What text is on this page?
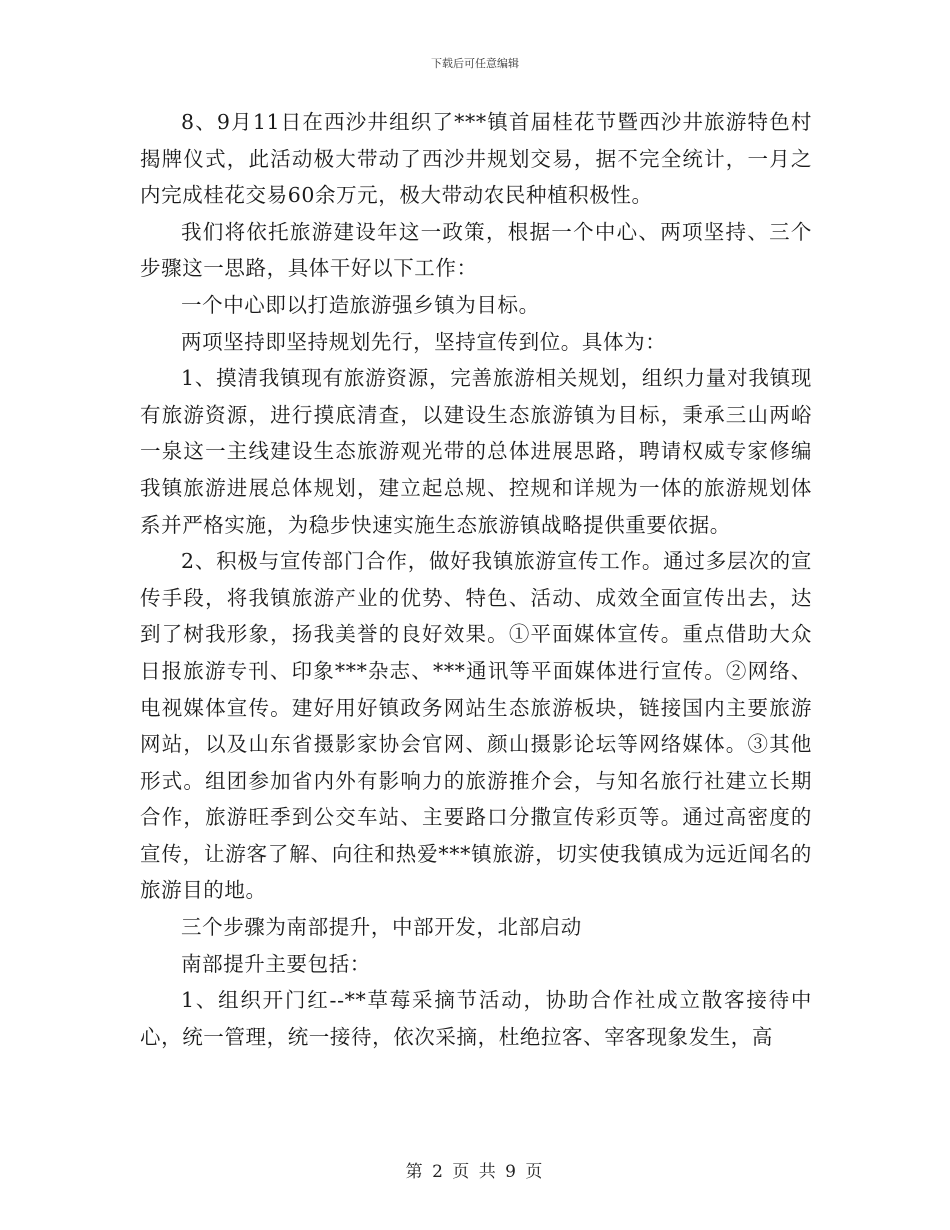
下载后可任意编辑

8、9月11日在西沙井组织了***镇首届桂花节暨西沙井旅游特色村揭牌仪式，此活动极大带动了西沙井规划交易，据不完全统计，一月之内完成桂花交易60余万元，极大带动农民种植积极性。

我们将依托旅游建设年这一政策，根据一个中心、两项坚持、三个步骤这一思路，具体干好以下工作：

一个中心即以打造旅游强乡镇为目标。

两项坚持即坚持规划先行，坚持宣传到位。具体为：

1、摸清我镇现有旅游资源，完善旅游相关规划，组织力量对我镇现有旅游资源，进行摸底清查，以建设生态旅游镇为目标，秉承三山两峪一泉这一主线建设生态旅游观光带的总体进展思路，聘请权威专家修编我镇旅游进展总体规划，建立起总规、控规和详规为一体的旅游规划体系并严格实施，为稳步快速实施生态旅游镇战略提供重要依据。

2、积极与宣传部门合作，做好我镇旅游宣传工作。通过多层次的宣传手段，将我镇旅游产业的优势、特色、活动、成效全面宣传出去，达到了树我形象，扬我美誉的良好效果。①平面媒体宣传。重点借助大众日报旅游专刊、印象***杂志、***通讯等平面媒体进行宣传。②网络、电视媒体宣传。建好用好镇政务网站生态旅游板块，链接国内主要旅游网站，以及山东省摄影家协会官网、颜山摄影论坛等网络媒体。③其他形式。组团参加省内外有影响力的旅游推介会，与知名旅行社建立长期合作，旅游旺季到公交车站、主要路口分撒宣传彩页等。通过高密度的宣传，让游客了解、向往和热爱***镇旅游，切实使我镇成为远近闻名的旅游目的地。

三个步骤为南部提升，中部开发，北部启动

南部提升主要包括：

1、组织开门红--**草莓采摘节活动，协助合作社成立散客接待中心，统一管理，统一接待，依次采摘，杜绝拉客、宰客现象发生，高

第 2 页 共 9 页
